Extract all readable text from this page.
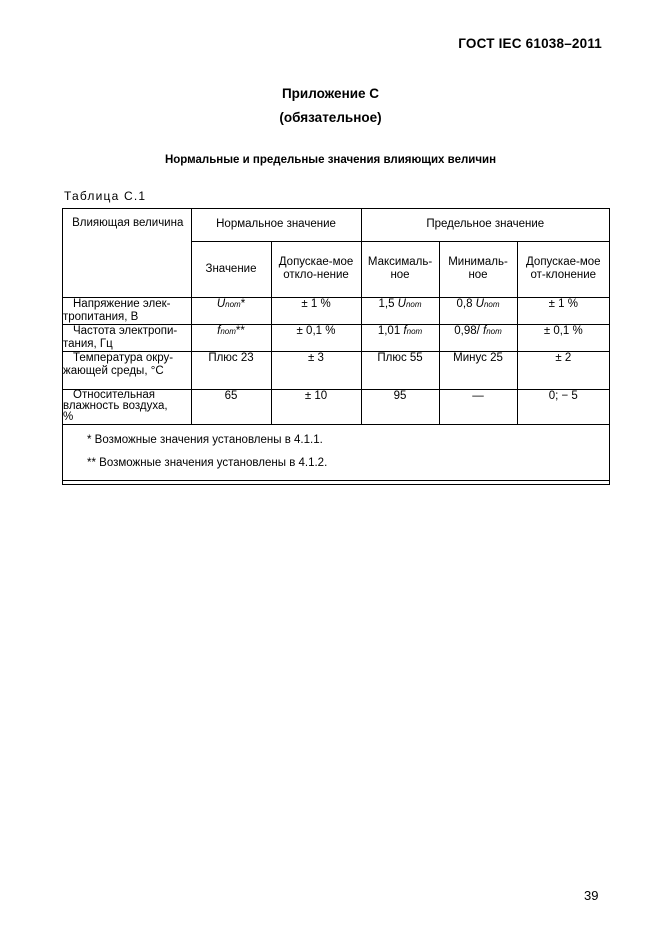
ГОСТ IEC 61038–2011
Приложение С
(обязательное)
Нормальные и предельные значения влияющих величин
Таблица С.1
Влияющая величина	Нормальное значение		Предельное значение		
	Значение	Допускае-мое откло-нение	Максималь-ное	Минималь-ное	Допускае-мое от-клонение

Напряжение элек-
тропитания, В	Unom*	± 1 %	1,5 Unom	0,8 Unom	± 1 %

Частота электропи-
тания, Гц	fnom**	± 0,1 %	1,01 fnom	0,98/ fnom	± 0,1 %

Температура окру-
жающей среды, °С	Плюс 23	± 3	Плюс 55	Минус 25	± 2

Относительная
влажность воздуха,
%	65	± 10	95	—	0; − 5

* Возможные значения установлены в 4.1.1.
** Возможные значения установлены в 4.1.2.					
39
